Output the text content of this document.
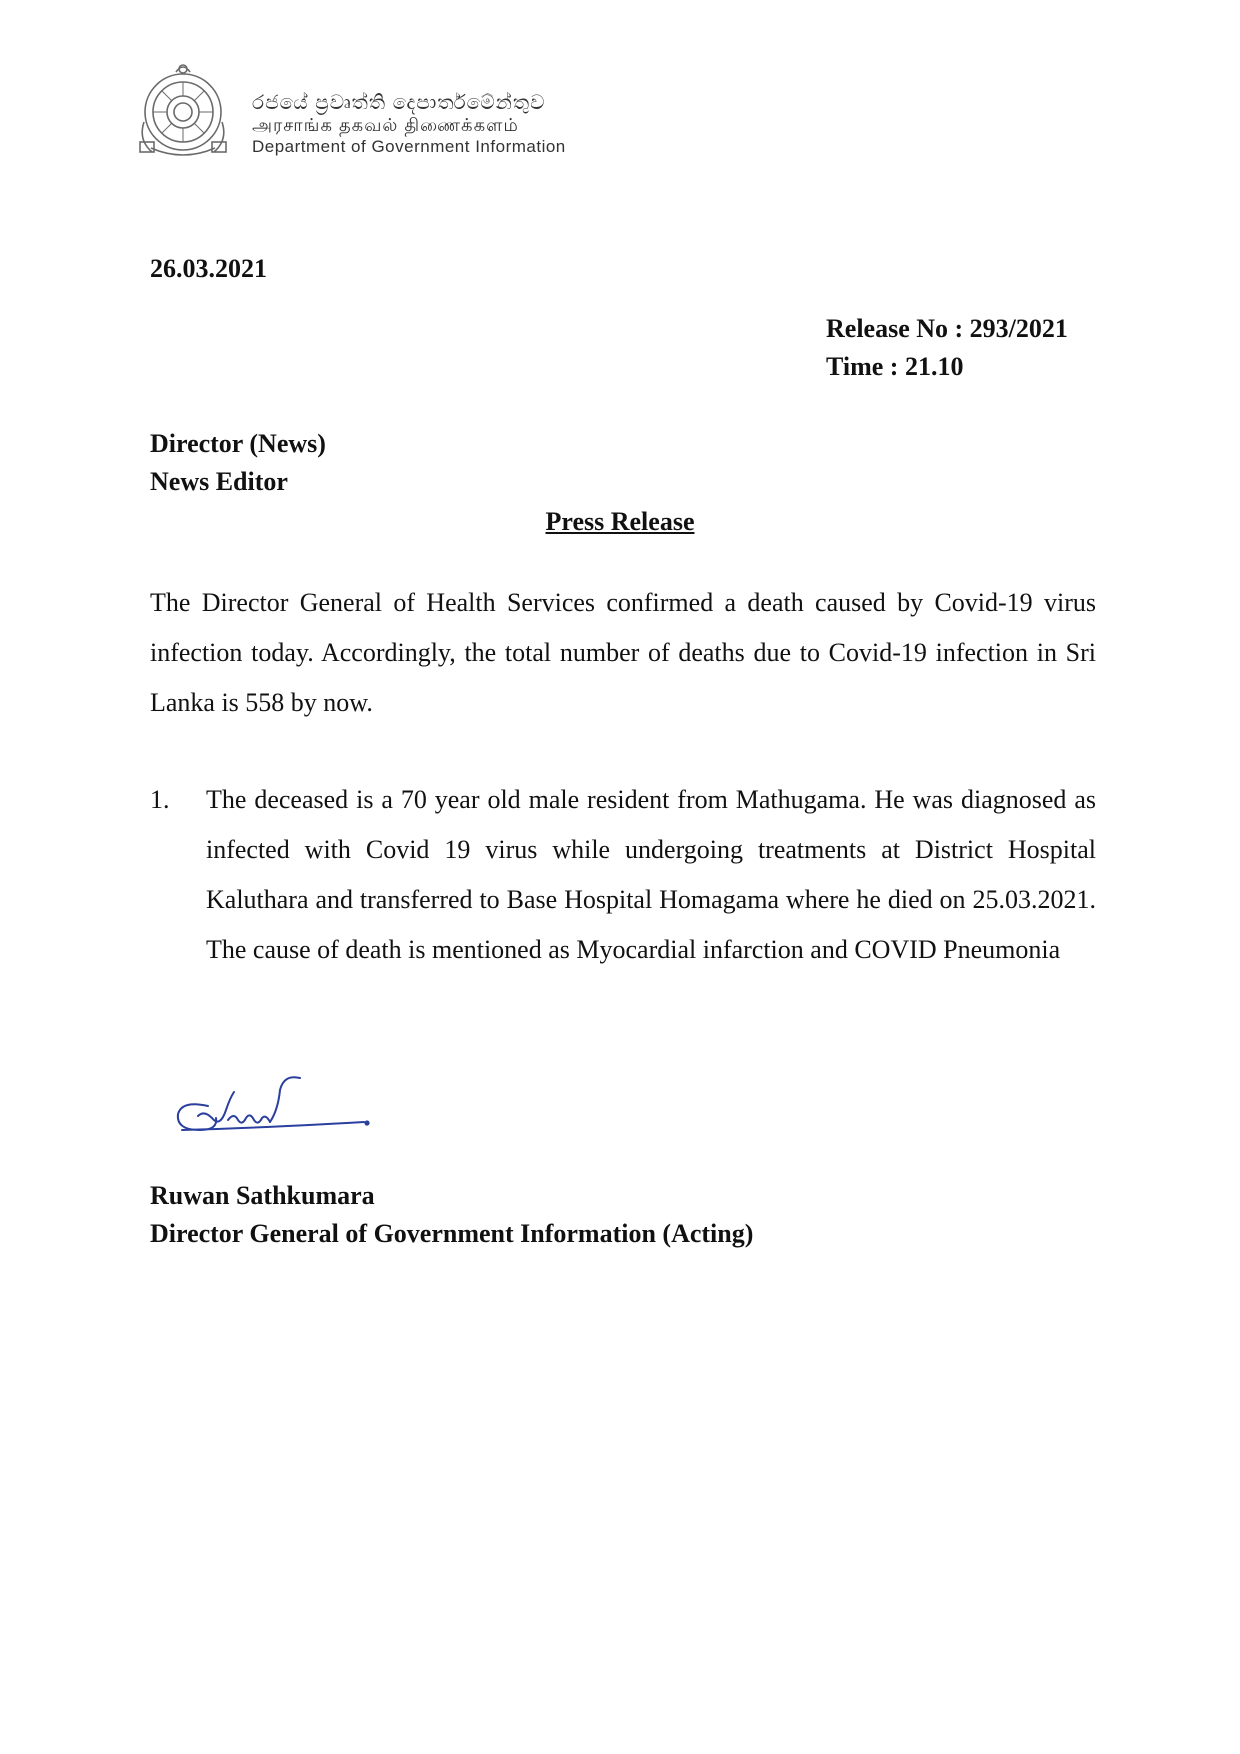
රජයේ ප්‍රවෘත්ති දෙපාර්තමේන්තුව
அரசாங்க தகவல் திணைக்களம்
Department of Government Information
26.03.2021
Release No : 293/2021
Time : 21.10
Director (News)
News Editor
Press Release
The Director General of Health Services confirmed a death caused by Covid-19 virus infection today. Accordingly, the total number of deaths due to Covid-19 infection in Sri Lanka is 558 by now.
1. The deceased is a 70 year old male resident from Mathugama. He was diagnosed as infected with Covid 19 virus while undergoing treatments at District Hospital Kaluthara and transferred to Base Hospital Homagama where he died on 25.03.2021. The cause of death is mentioned as Myocardial infarction and COVID Pneumonia
Ruwan Sathkumara
Director General of Government Information (Acting)
